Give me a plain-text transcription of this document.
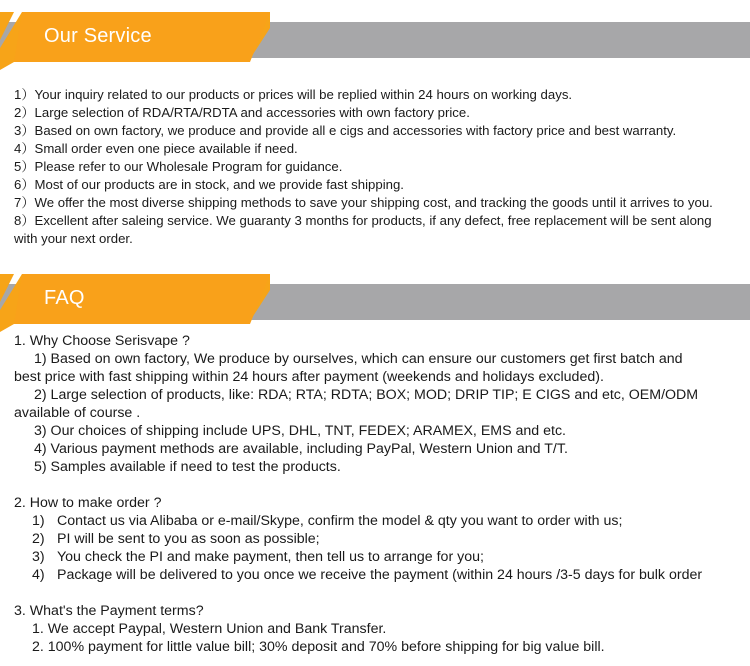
Our Service
1）Your inquiry related to our products or prices will be replied within 24 hours on working days.
2）Large selection of RDA/RTA/RDTA and accessories with own factory price.
3）Based on own factory, we produce and provide all e cigs and accessories with factory price and best warranty.
4）Small order even one piece available if need.
5）Please refer to our Wholesale Program for guidance.
6）Most of our products are in stock, and we provide fast shipping.
7）We offer the most diverse shipping methods to save your shipping cost, and tracking the goods until it arrives to you.
8）Excellent after saleing service. We guaranty 3 months for products, if any defect, free replacement will be sent along
with your next order.
FAQ

1. Why Choose Serisvape ?

1) Based on own factory, We produce by ourselves, which can ensure our customers get first batch and

best price with fast shipping within 24 hours after payment (weekends and holidays excluded).

2) Large selection of products, like: RDA; RTA; RDTA; BOX; MOD; DRIP TIP; E CIGS and etc, OEM/ODM

available of course .

3) Our choices of shipping include UPS, DHL, TNT, FEDEX; ARAMEX, EMS and etc.

4) Various payment methods are available, including PayPal, Western Union and T/T.

5) Samples available if need to test the products.

2. How to make order ?

1) Contact us via Alibaba or e-mail/Skype, confirm the model & qty you want to order with us;
2) PI will be sent to you as soon as possible;
3) You check the PI and make payment, then tell us to arrange for you;
4) Package will be delivered to you once we receive the payment (within 24 hours /3-5 days for bulk order

3. What's the Payment terms?

1. We accept Paypal, Western Union and Bank Transfer.

2. 100% payment for little value bill; 30% deposit and 70% before shipping for big value bill.
